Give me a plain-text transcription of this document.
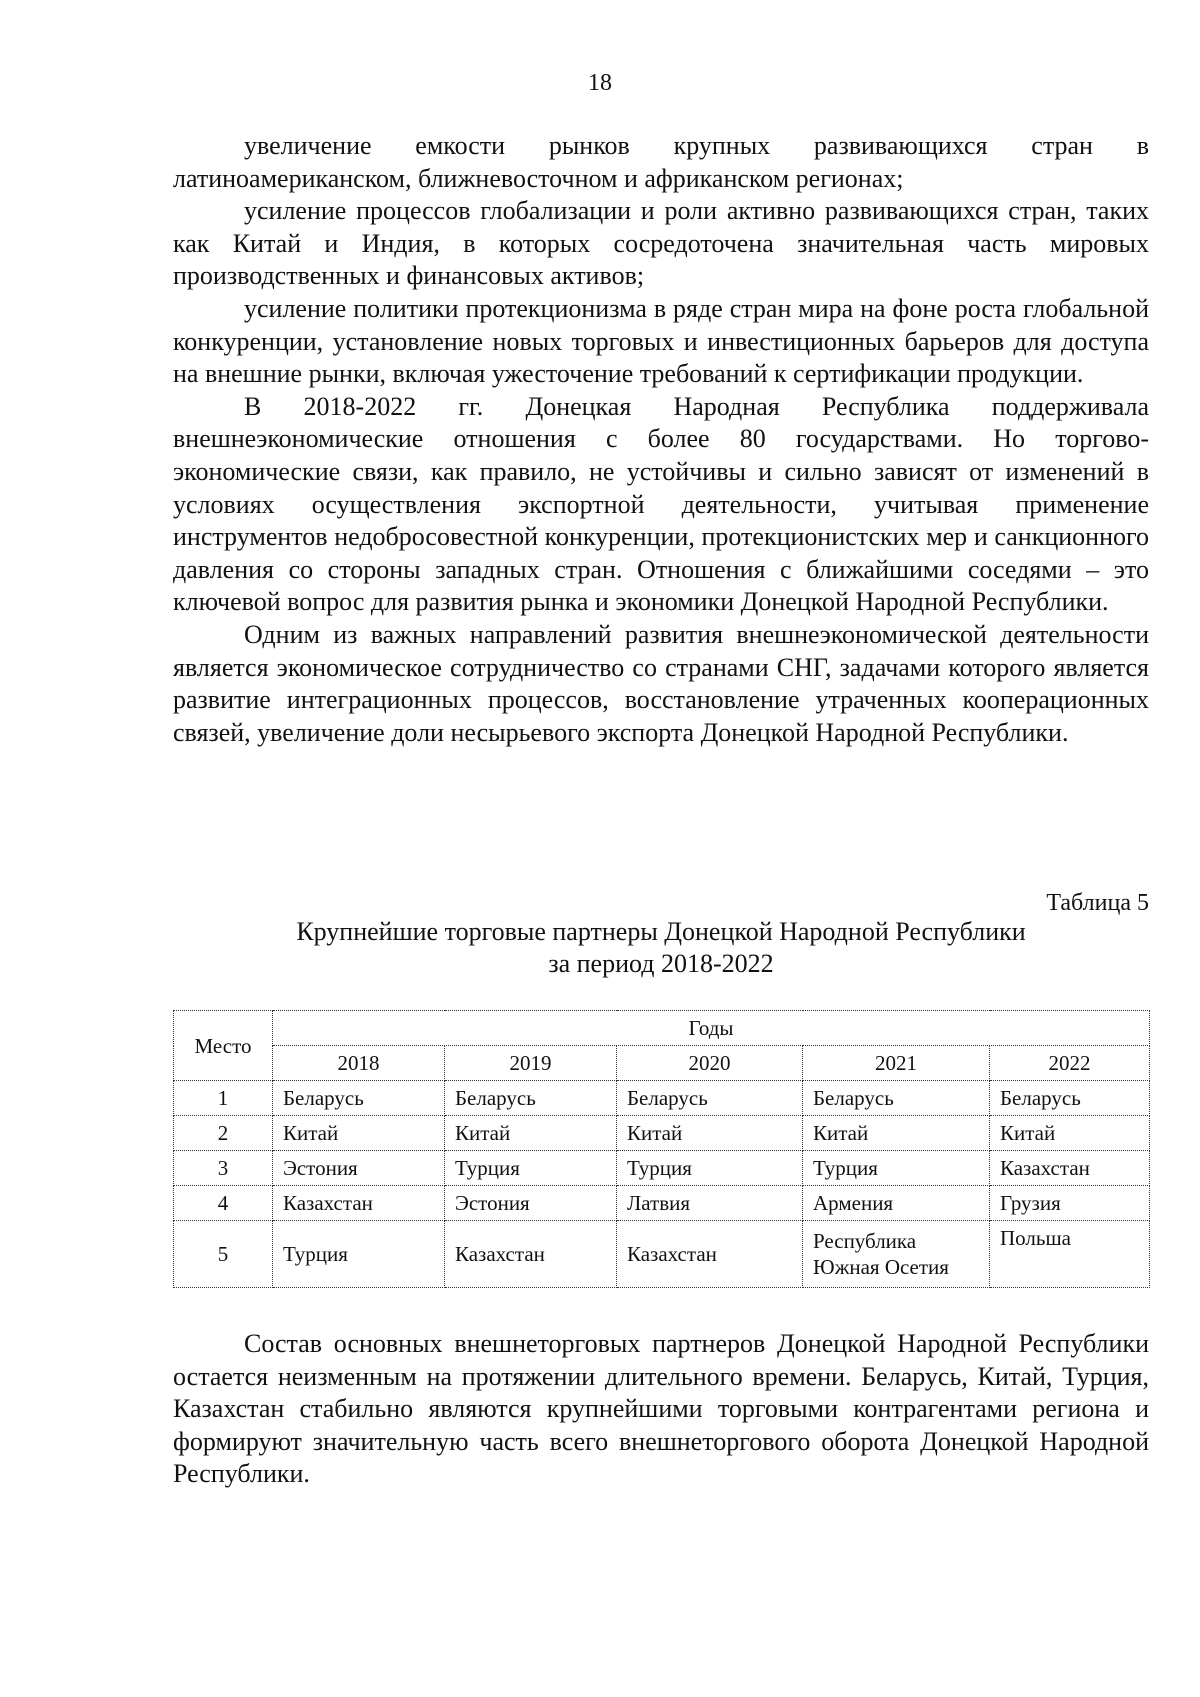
18

увеличение емкости рынков крупных развивающихся стран в латиноамериканском, ближневосточном и африканском регионах;

усиление процессов глобализации и роли активно развивающихся стран, таких как Китай и Индия, в которых сосредоточена значительная часть мировых производственных и финансовых активов;

усиление политики протекционизма в ряде стран мира на фоне роста глобальной конкуренции, установление новых торговых и инвестиционных барьеров для доступа на внешние рынки, включая ужесточение требований к сертификации продукции.

В 2018-2022 гг. Донецкая Народная Республика поддерживала внешнеэкономические отношения с более 80 государствами. Но торгово-экономические связи, как правило, не устойчивы и сильно зависят от изменений в условиях осуществления экспортной деятельности, учитывая применение инструментов недобросовестной конкуренции, протекционистских мер и санкционного давления со стороны западных стран. Отношения с ближайшими соседями – это ключевой вопрос для развития рынка и экономики Донецкой Народной Республики.

Одним из важных направлений развития внешнеэкономической деятельности является экономическое сотрудничество со странами СНГ, задачами которого является развитие интеграционных процессов, восстановление утраченных кооперационных связей, увеличение доли несырьевого экспорта Донецкой Народной Республики.

Таблица 5
Крупнейшие торговые партнеры Донецкой Народной Республики
за период 2018-2022
Место	Годы				
	2018	2019	2020	2021	2022
1	Беларусь	Беларусь	Беларусь	Беларусь	Беларусь
2	Китай	Китай	Китай	Китай	Китай
3	Эстония	Турция	Турция	Турция	Казахстан
4	Казахстан	Эстония	Латвия	Армения	Грузия
5	Турция	Казахстан	Казахстан	Республика Южная Осетия	Польша

Состав основных внешнеторговых партнеров Донецкой Народной Республики остается неизменным на протяжении длительного времени. Беларусь, Китай, Турция, Казахстан стабильно являются крупнейшими торговыми контрагентами региона и формируют значительную часть всего внешнеторгового оборота Донецкой Народной Республики.
